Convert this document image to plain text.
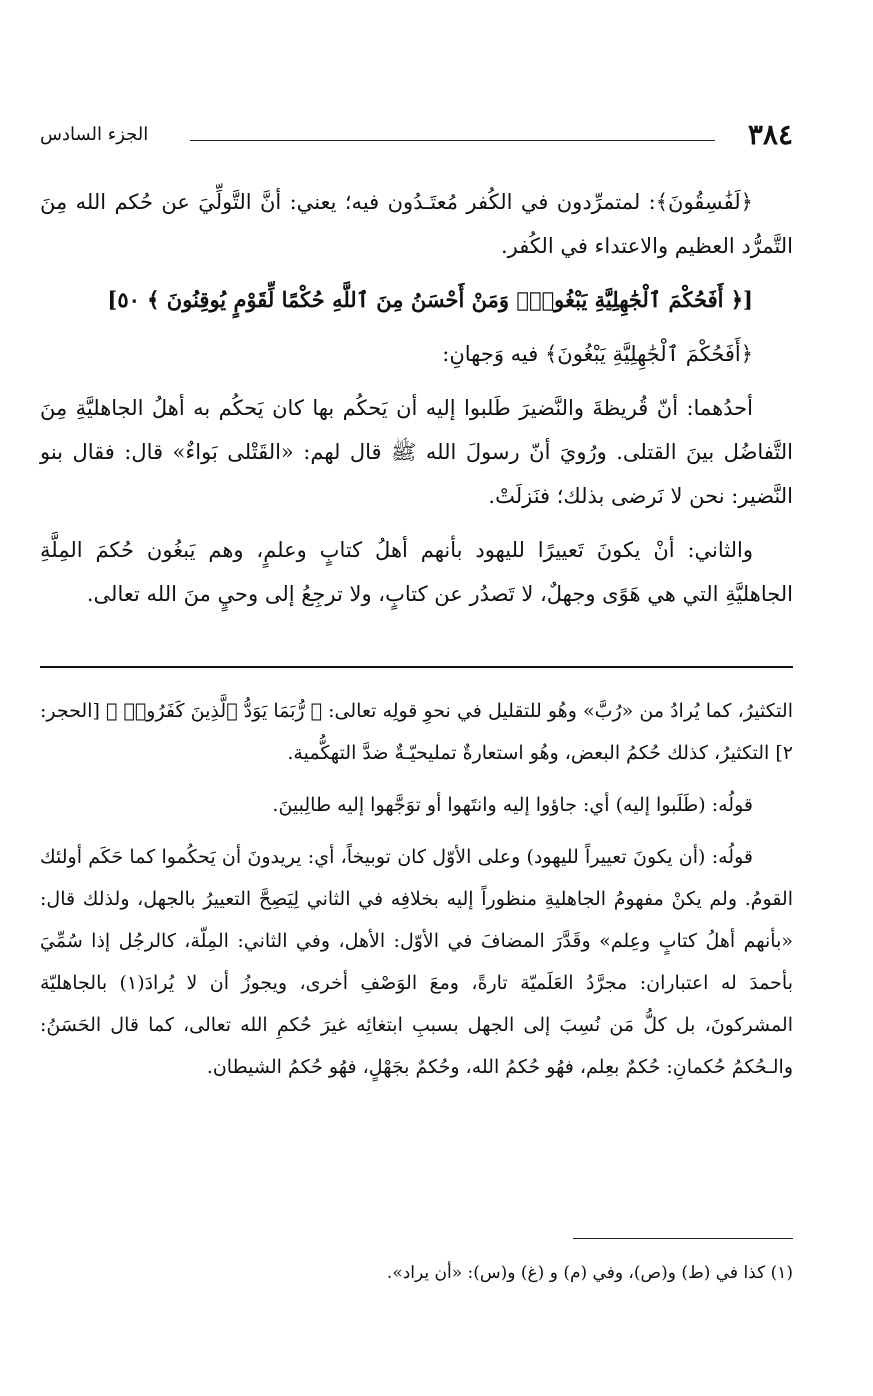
٣٨٤
الجزء السادس

﴿لَفَٰسِقُونَ﴾: لمتمرِّدون في الكُفر مُعتَـدُون فيه؛ يعني: أنَّ التَّولِّيَ عن حُكم الله مِنَ التَّمرُّد العظيم والاعتداء في الكُفر.

[﴿ أَفَحُكْمَ ٱلْجَٰهِلِيَّةِ يَبْغُونَۚ وَمَنْ أَحْسَنُ مِنَ ٱللَّهِ حُكْمًا لِّقَوْمٍ يُوقِنُونَ ﴾ ٥٠]

﴿أَفَحُكْمَ ٱلْجَٰهِلِيَّةِ يَبْغُونَ﴾ فيه وَجهانِ:

أحدُهما: أنّ قُريظةَ والنَّضيرَ طَلبوا إليه أن يَحكُم بها كان يَحكُم به أهلُ الجاهليَّةِ مِنَ التَّفاضُل بينَ القتلى. ورُويَ أنّ رسولَ الله ﷺ قال لهم: «القَتْلى بَواءٌ» قال: فقال بنو النَّضير: نحن لا نَرضى بذلك؛ فنَزلَتْ.

والثاني: أنْ يكونَ تَعييرًا لليهود بأنهم أهلُ كتابٍ وعلمٍ، وهم يَبغُون حُكمَ المِلَّةِ الجاهليَّةِ التي هي هَوًى وجهلٌ، لا تَصدُر عن كتابٍ، ولا ترجِعُ إلى وحيٍ منَ الله تعالى.

التكثيرُ، كما يُرادُ من «رُبَّ» وهُو للتقليل في نحوِ قولِه تعالى: ﴿ رُّبَمَا يَوَدُّ ٱلَّذِينَ كَفَرُوا۟ ﴾ [الحجر: ٢] التكثيرُ، كذلك حُكمُ البعض، وهُو استعارةٌ تمليحيّـةٌ ضدَّ التهكُّمية.

قولُه: (طَلَبوا إليه) أي: جاؤوا إليه وانتَهوا أو توَجَّهوا إليه طالِبينَ.

قولُه: (أن يكونَ تعييراً لليهود) وعلى الأوّل كان توبيخاً، أي: يريدونَ أن يَحكُموا كما حَكَم أولئك القومُ. ولم يكنْ مفهومُ الجاهليةِ منظوراً إليه بخلافِه في الثاني لِيَصِحَّ التعييرُ بالجهل، ولذلك قال: «بأنهم أهلُ كتابٍ وعِلم» وقَدَّرَ المضافَ في الأوّل: الأهل، وفي الثاني: المِلّة، كالرجُل إذا سُمِّيَ بأحمدَ له اعتباران: مجرَّدُ العَلَميّة تارةً، ومعَ الوَصْفِ أخرى، ويجوزُ أن لا يُرادَ(١) بالجاهليّة المشركونَ، بل كلُّ مَن نُسِبَ إلى الجهل بسببِ ابتغائِه غيرَ حُكمِ الله تعالى، كما قال الحَسَنُ: والـحُكمُ حُكمانِ: حُكمٌ بعِلم، فهُو حُكمُ الله، وحُكمٌ بجَهْلٍ، فهُو حُكمُ الشيطان.

(١) كذا في (ط) و(ص)، وفي (م) و (غ) و(س): «أن يراد».
